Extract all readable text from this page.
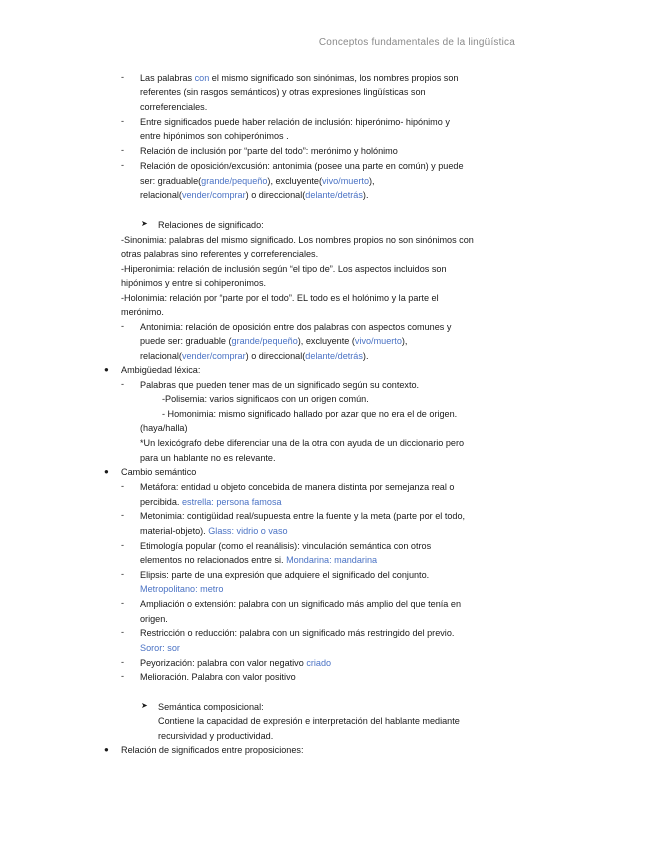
Conceptos fundamentales de la lingüística
- Las palabras con el mismo significado son sinónimas, los nombres propios son
referentes (sin rasgos semánticos) y otras expresiones lingüísticas son
correferenciales.
- Entre significados puede haber relación de inclusión: hiperónimo- hipónimo y
entre hipónimos son cohiperónimos .
- Relación de inclusión por “parte del todo”: merónimo y holónimo
- Relación de oposición/excusión: antonimia (posee una parte en común) y puede
ser: graduable(grande/pequeño), excluyente(vivo/muerto),
relacional(vender/comprar) o direccional(delante/detrás).
➤ Relaciones de significado:
-Sinonimia: palabras del mismo significado. Los nombres propios no son sinónimos con
otras palabras sino referentes y correferenciales.
-Hiperonimia: relación de inclusión según “el tipo de”. Los aspectos incluidos son
hipónimos y entre si cohiperonimos.
-Holonimia: relación por “parte por el todo”. EL todo es el holónimo y la parte el
merónimo.
- Antonimia: relación de oposición entre dos palabras con aspectos comunes y
puede ser: graduable (grande/pequeño), excluyente (vivo/muerto),
relacional(vender/comprar) o direccional(delante/detrás).
● Ambigüedad léxica:
- Palabras que pueden tener mas de un significado según su contexto.
-Polisemia: varios significaos con un origen común.
- Homonimia: mismo significado hallado por azar que no era el de origen.
(haya/halla)
*Un lexicógrafo debe diferenciar una de la otra con ayuda de un diccionario pero
para un hablante no es relevante.
● Cambio semántico
- Metáfora: entidad u objeto concebida de manera distinta por semejanza real o
percibida. estrella: persona famosa
- Metonimia: contigüidad real/supuesta entre la fuente y la meta (parte por el todo,
material-objeto). Glass: vidrio o vaso
- Etimología popular (como el reanálisis): vinculación semántica con otros
elementos no relacionados entre si. Mondarina: mandarina
- Elipsis: parte de una expresión que adquiere el significado del conjunto.
Metropolitano: metro
- Ampliación o extensión: palabra con un significado más amplio del que tenía en
origen.
- Restricción o reducción: palabra con un significado más restringido del previo.
Soror: sor
- Peyorización: palabra con valor negativo criado
- Melioración. Palabra con valor positivo
➤ Semántica composicional:
Contiene la capacidad de expresión e interpretación del hablante mediante
recursividad y productividad.
● Relación de significados entre proposiciones:
